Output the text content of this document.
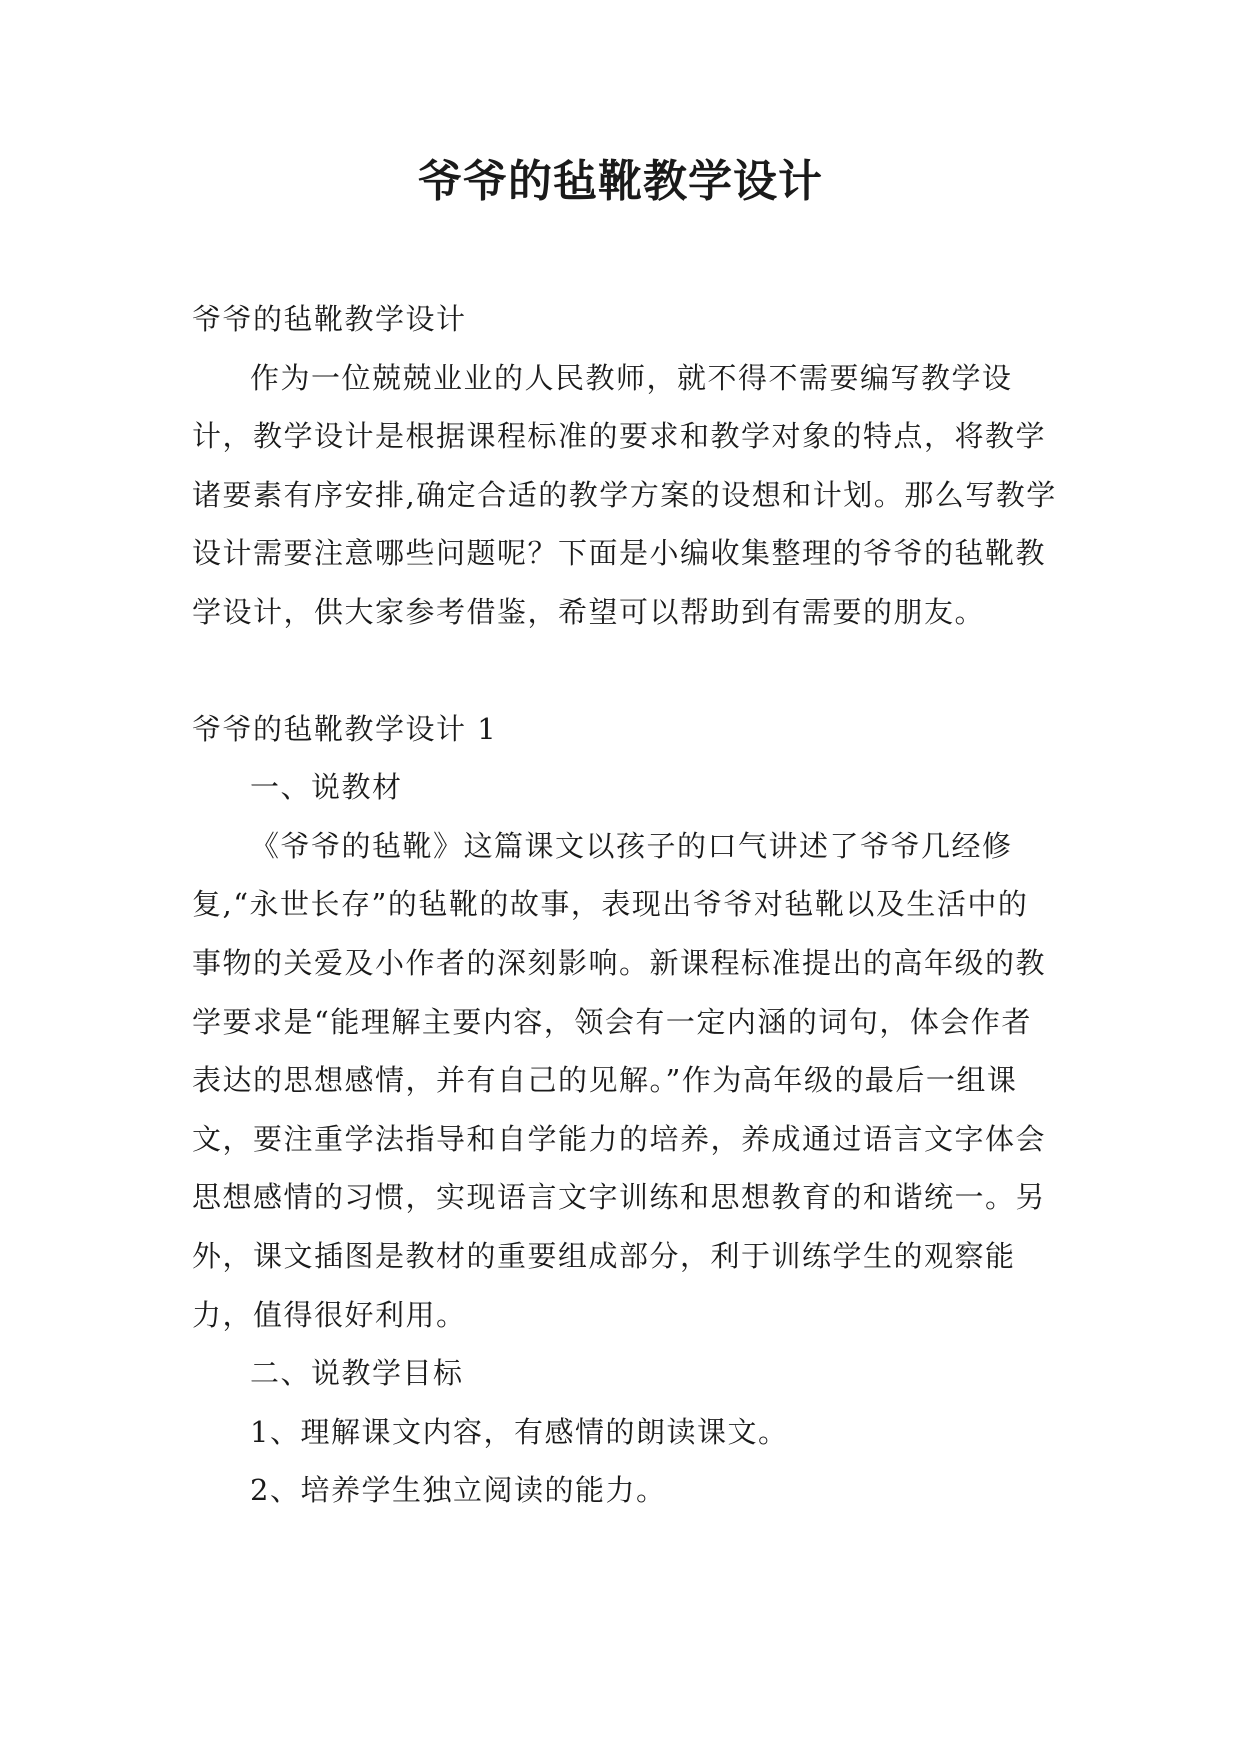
爷爷的毡靴教学设计

爷爷的毡靴教学设计

作为一位兢兢业业的人民教师，就不得不需要编写教学设计，教学设计是根据课程标准的要求和教学对象的特点，将教学诸要素有序安排,确定合适的教学方案的设想和计划。那么写教学设计需要注意哪些问题呢？下面是小编收集整理的爷爷的毡靴教学设计，供大家参考借鉴，希望可以帮助到有需要的朋友。

爷爷的毡靴教学设计 1

一、说教材

《爷爷的毡靴》这篇课文以孩子的口气讲述了爷爷几经修复,“永世长存”的毡靴的故事，表现出爷爷对毡靴以及生活中的事物的关爱及小作者的深刻影响。新课程标准提出的高年级的教学要求是“能理解主要内容，领会有一定内涵的词句，体会作者表达的思想感情，并有自己的见解。”作为高年级的最后一组课文，要注重学法指导和自学能力的培养，养成通过语言文字体会思想感情的习惯，实现语言文字训练和思想教育的和谐统一。另外，课文插图是教材的重要组成部分，利于训练学生的观察能力，值得很好利用。

二、说教学目标

1、理解课文内容，有感情的朗读课文。

2、培养学生独立阅读的能力。
